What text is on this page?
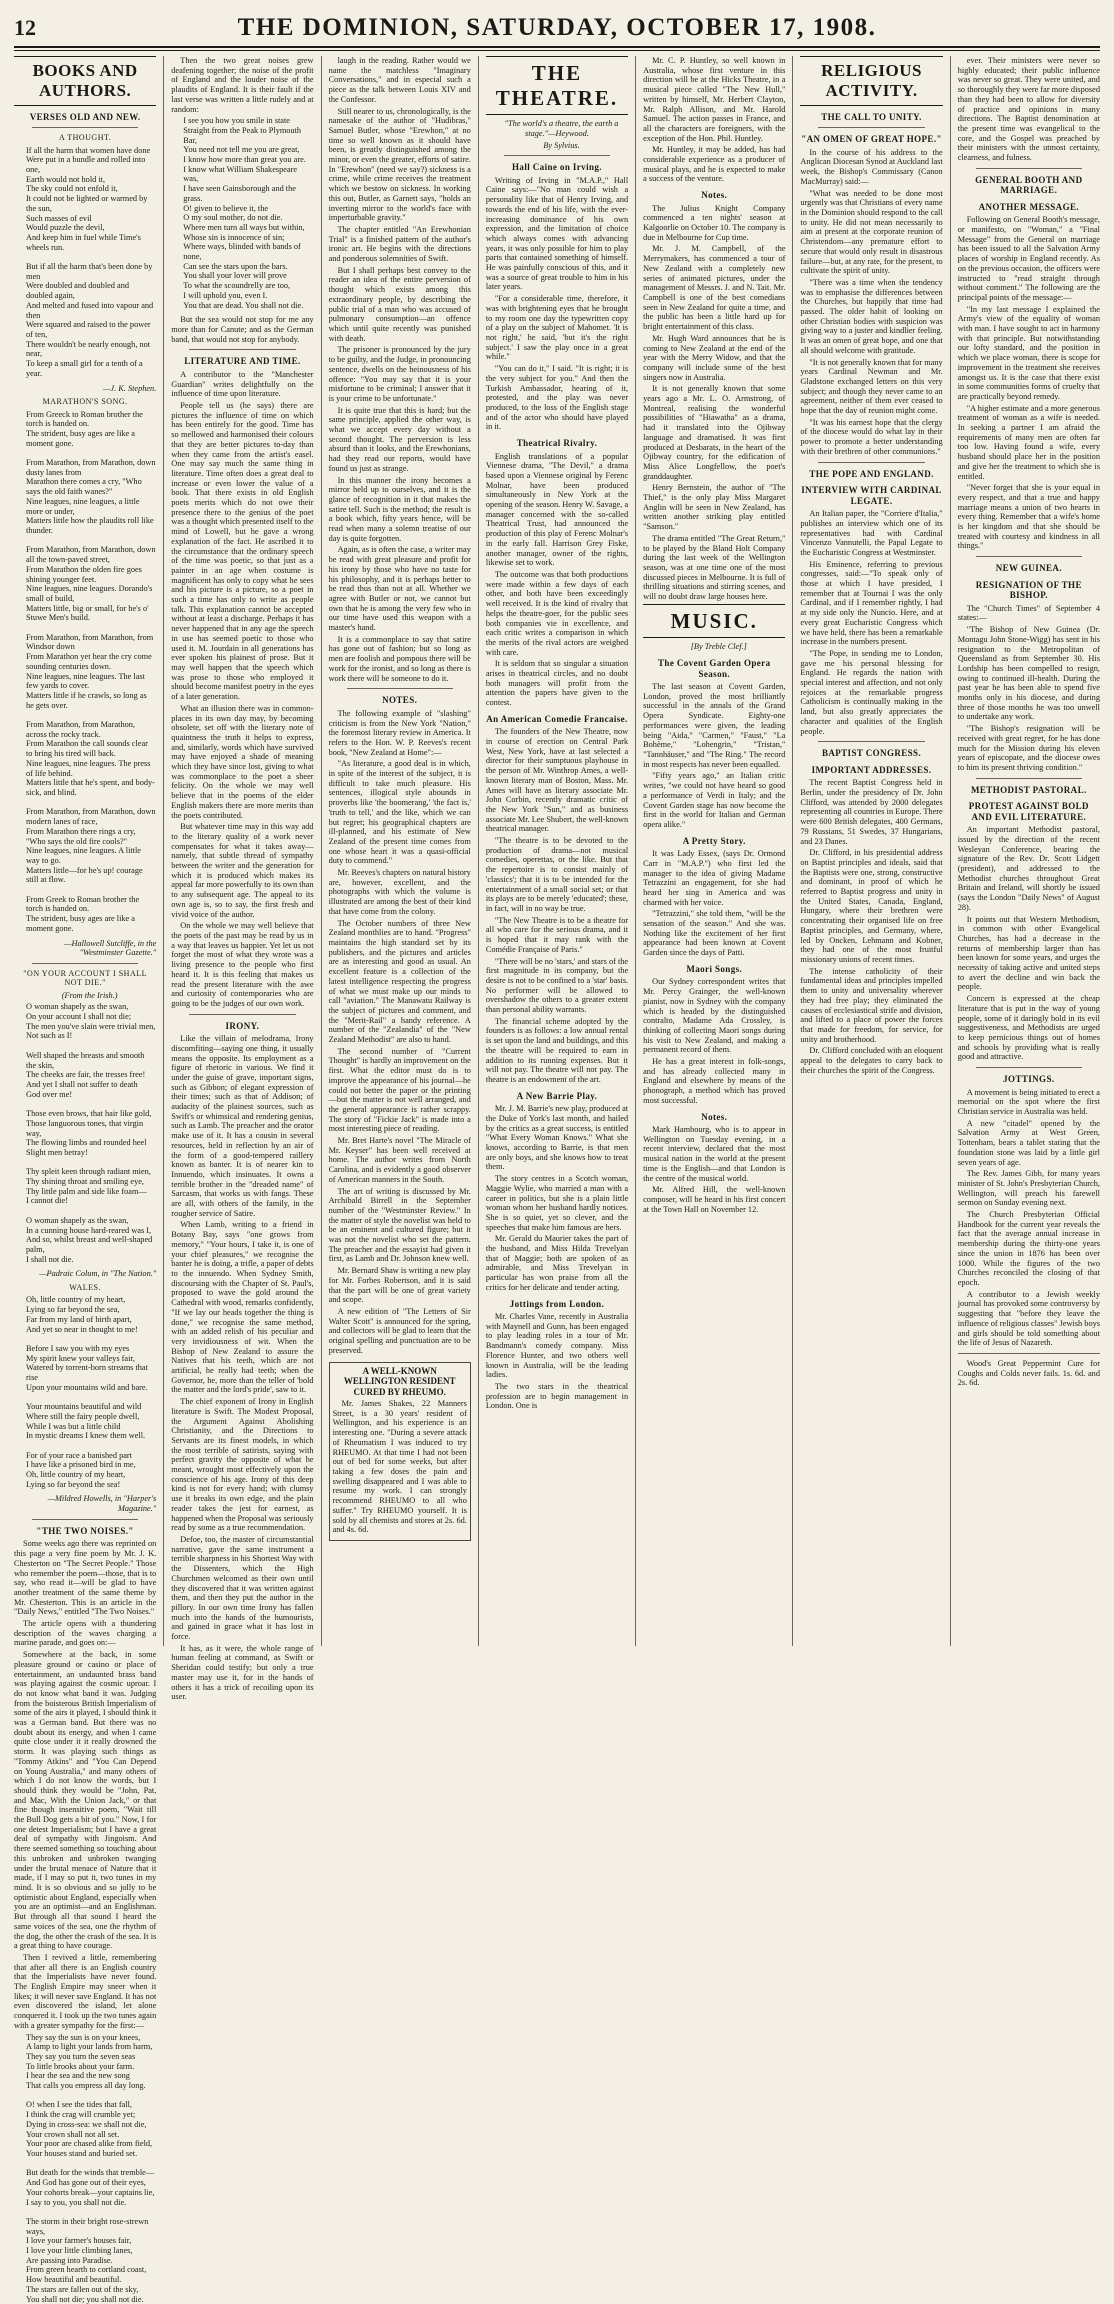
12	THE DOMINION, SATURDAY, OCTOBER 17, 1908.
BOOKS AND AUTHORS.
VERSES OLD AND NEW.
A THOUGHT.

If all the harm that women have done
Were put in a bundle and rolled into one,
Earth would not hold it,
The sky could not enfold it,
It could not be lighted or warmed by the sun,
Such masses of evil
Would puzzle the devil,
And keep him in fuel while Time's wheels run.

But if all the harm that's been done by men
Were doubled and doubled and doubled again,
And melted and fused into vapour and then
Were squared and raised to the power of ten,
There wouldn't be nearly enough, not near,
To keep a small girl for a tenth of a year.

—J. K. Stephen.

MARATHON'S SONG.

From Greeck to Roman brother the torch is handed on.
The strident, busy ages are like a moment gone.

From Marathon, from Marathon, down dusty lanes from
Marathon there comes a cry, "Who says the old faith wanes?"
Nine leagues, nine leagues, a little more or under,
Matters little how the plaudits roll like thunder.

From Marathon, from Marathon, down all the town-paved street,
From Marathon the olden fire goes shining younger feet.
Nine leagues, nine leagues. Dorando's small of build,
Matters little, big or small, for he's o' Stuwe Men's build.

From Marathon, from Marathon, from Windsor down
From Marathon yet hear the cry come sounding centuries down.
Nine leagues, nine leagues. The last few yards to cover.
Matters little if he crawls, so long as he gets over.

From Marathon, from Marathon, across the rocky track.
From Marathon the call sounds clear to bring his tired will back.
Nine leagues, nine leagues. The press of life behind.
Matters little that he's spent, and body-sick, and blind.

From Marathon, from Marathon, down modern lanes of race,
From Marathon there rings a cry, "Who says the old fire cools?"
Nine leagues, nine leagues. A little way to go.
Matters little—for he's up! courage still at flow.

From Greek to Roman brother the torch is handed on.
The strident, busy ages are like a moment gone.

—Hallowell Sutcliffe, in the "Westminster Gazette."

"ON YOUR ACCOUNT I SHALL NOT DIE."

(From the Irish.)

O woman shapely as the swan,
On your account I shall not die;
The men you've slain were trivial men,
Not such as I!

Well shaped the breasts and smooth the skin,
The cheeks are fair, the tresses free!
And yet I shall not suffer to death
God over me!

Those even brows, that hair like gold,
Those languorous tones, that virgin way,
The flowing limbs and rounded heel
Slight men betray!

Thy spleit keen through radiant mien,
Thy shining throat and smiling eye,
Thy little palm and side like foam—
I cannot die!

O woman shapely as the swan,
In a cunning house hard-reared was I,
And so, whilst breast and well-shaped palm,
I shall not die.

—Padraic Colum, in "The Nation."

WALES.

Oh, little country of my heart,
Lying so far beyond the sea,
Far from my land of birth apart,
And yet so near in thought to me!

Before I saw you with my eyes
My spirit knew your valleys fair,
Watered by torrent-born streams that rise
Upon your mountains wild and bare.

Your mountains beautiful and wild
Where still the fairy people dwell,
While I was but a little child
In mystic dreams I knew them well.

For of your race a banished part
I have like a prisoned bird in me,
Oh, little country of my heart,
Lying so far beyond the sea!

—Mildred Howells, in "Harper's Magazine."

"THE TWO NOISES."

Some weeks ago there was reprinted on this page a very fine poem by Mr. J. K. Chesterton on "The Secret People." Those who remember the poem—those, that is to say, who read it—will be glad to have another treatment of the same theme by Mr. Chesterton. This is an article in the "Daily News," entitled "The Two Noises."

The article opens with a thundering description of the waves charging a marine parade, and goes on:—

Somewhere at the back, in some pleasure ground or casino or place of entertainment, an undaunted brass band was playing against the cosmic uproar. I do not know what band it was. Judging from the boisterous British Imperialism of some of the airs it played, I should think it was a German band. But there was no doubt about its energy, and when I came quite close under it it really drowned the storm. It was playing such things as "Tommy Atkins" and "You Can Depend on Young Australia," and many others of which I do not know the words, but I should think they would be "John, Pat, and Mac, With the Union Jack," or that fine though insensitive poem, "Wait till the Bull Dog gets a bit of you." Now, I for one detest Imperialism; but I have a great deal of sympathy with Jingoism. And there seemed something so touching about this unbroken and unbroken twanging under the brutal menace of Nature that it made, if I may so put it, two tunes in my mind. It is so obvious and so jolly to be optimistic about England, especially when you are an optimist—and an Englishman. But through all that sound I heard the same voices of the sea, one the rhythm of the dog, the other the crash of the sea. It is a great thing to have courage.

Then I revived a little, remembering that after all there is an English country that the Imperialists have never found. The English Empire may sneer when it likes; it will never save England. It has not even discovered the island, let alone conquered it. I took up the two tunes again with a greater sympathy for the first:—

They say the sun is on your knees,
A lamp to light your lands from harm,
They say you turn the seven seas
To little brooks about your farm.
I hear the sea and the new song
That calls you empress all day long.

O! when I see the tides that fall,
I think the crag will crumble yet;
Dying in cross-sea: we shall not die,
Your crown shall not all set.
Your poor are chased alike from field,
Your houses stand and buried set.

But death for the winds that tremble—
And God has gone out of their eyes,
Your cohorts break—your captains lie,
I say to you, you shall not die.

The storm in their bright rose-strewn ways,
I love your farmer's houses fair,
I love your little climbing lanes,
Are passing into Paradise.
From green hearth to cortland coast,
How beautiful and beautiful.
The stars are fallen out of the sky,
You shall not die; you shall not die.

Then the two great noises grew deafening together; the noise of the profit of England and the louder noise of the plaudits of England. It is their fault if the last verse was written a little rudely and at random:

I see you how you smile in state
Straight from the Peak to Plymouth Bar,
You need not tell me you are great,
I know how more than great you are.
I know what William Shakespeare was,
I have seen Gainsborough and the grass.
O! given to believe it, the
O my soul mother, do not die.
Where men turn all ways but within,
Whose sin is innocence of sin;
Where ways, blinded with bands of none,
Can see the stars upon the bars.
You shall your lover will prove
To what the scoundrelly are too,
I will uphold you, even I.
You that are dead. You shall not die.

But the sea would not stop for me any more than for Canute; and as the German band, that would not stop for anybody.

LITERATURE AND TIME.

A contributor to the "Manchester Guardian" writes delightfully on the influence of time upon literature.

People tell us (he says) there are pictures the influence of time on which has been entirely for the good. Time has so mellowed and harmonised their colours that they are better pictures to-day than when they came from the artist's easel. One may say much the same thing in literature. Time often does a great deal to increase or even lower the value of a book. That there exists in old English poets merits which do not owe their presence there to the genius of the poet was a thought which presented itself to the mind of Lowell, but he gave a wrong explanation of the fact. He ascribed it to the circumstance that the ordinary speech of the time was poetic, so that just as a painter in an age when costume is magnificent has only to copy what he sees and his picture is a picture, so a poet in such a time has only to write as people talk. This explanation cannot be accepted without at least a discharge. Perhaps it has never happened that in any age the speech in use has seemed poetic to those who used it. M. Jourdain in all generations has ever spoken his plainest of prose. But it may well happen that the speech which was prose to those who employed it should become manifest poetry in the eyes of a later generation.

What an illusion there was in common-places in its own day may, by becoming obsolete, set off with the literary note of quaintness the truth it helps to express, and, similarly, words which have survived may have enjoyed a shade of meaning which they have since lost, giving to what was commonplace to the poet a sheer felicity. On the whole we may well believe that in the poems of the elder English makers there are more merits than the poets contributed.

But whatever time may in this way add to the literary quality of a work never compensates for what it takes away—namely, that subtle thread of sympathy between the writer and the generation for which it is produced which makes its appeal far more powerfully to its own than to any subsequent age. The appeal to its own age is, so to say, the first fresh and vivid voice of the author.

On the whole we may well believe that the poets of the past may be read by us in a way that leaves us happier. Yet let us not forget the most of what they wrote was a living presence to the people who first heard it. It is this feeling that makes us read the present literature with the awe and curiosity of contemporaries who are going to be the judges of our own work.

IRONY.

Like the villain of melodrama, Irony discomfiting—saying one thing, it usually means the opposite. Its employment as a figure of rhetoric in various. We find it under the guise of grave, important signs, such as Gibbon; of elegant expression of their times; such as that of Addison; of audacity of the plainest sources, such as Swift's or whimsical and rendering genius, such as Lamb. The preacher and the orator make use of it. It has a cousin in several resources, held in reflection by an air of the form of a good-tempered raillery known as banter. It is of nearer kin to Innuendo, which insinuates. It owns a terrible brother in the "dreaded name" of Sarcasm, that works us with fangs. These are all, with others of the family, in the rougher service of Satire.

When Lamb, writing to a friend in Botany Bay, says "one grows from memory," "Your hours, I take it, is one of your chief pleasures," we recognise the banter he is doing, a trifle, a paper of debts to the innuendo. When Sydney Smith, discoursing with the Chapter of St. Paul's, proposed to wave the gold around the Cathedral with wood, remarks confidently, "If we lay our heads together the thing is done," we recognise the same method, with an added relish of his peculiar and very invidiousness of wit. When the Bishop of New Zealand to assure the Natives that his teeth, which are not artificial, he really had teeth; when the Governor, he, more than the teller of 'bold the matter and the lord's pride', saw to it.

The chief exponent of Irony in English literature is Swift. The Modest Proposal, the Argument Against Abolishing Christianity, and the Directions to Servants are its finest models, in which the most terrible of satirists, saying with perfect gravity the opposite of what he meant, wrought most effectively upon the conscience of his age. Irony of this deep kind is not for every hand; with clumsy use it breaks its own edge, and the plain reader takes the jest for earnest, as happened when the Proposal was seriously read by some as a true recommendation.

Defoe, too, the master of circumstantial narrative, gave the same instrument a terrible sharpness in his Shortest Way with the Dissenters, which the High Churchmen welcomed as their own until they discovered that it was written against them, and then they put the author in the pillory. In our own time Irony has fallen much into the hands of the humourists, and gained in grace what it has lost in force.

It has, as it were, the whole range of human feeling at command, as Swift or Sheridan could testify; but only a true master may use it, for in the hands of others it has a trick of recoiling upon its user.

laugh in the reading. Rather would we name the matchless "Imaginary Conversations," and in especial such a piece as the talk between Louis XIV and the Confessor.

Still nearer to us, chronologically, is the namesake of the author of "Hudibras," Samuel Butler, whose "Erewhon," at no time so well known as it should have been, is greatly distinguished among the minor, or even the greater, efforts of satire. In "Erewhon" (need we say?) sickness is a crime, while crime receives the treatment which we bestow on sickness. In working this out, Butler, as Garnett says, "holds an inverting mirror to the world's face with imperturbable gravity."

The chapter entitled "An Erewhonian Trial" is a finished pattern of the author's ironic art. He begins with the directions and ponderous solemnities of Swift.

But I shall perhaps best convey to the reader an idea of the entire perversion of thought which exists among this extraordinary people, by describing the public trial of a man who was accused of pulmonary consumption—an offence which until quite recently was punished with death.

The prisoner is pronounced by the jury to be guilty, and the Judge, in pronouncing sentence, dwells on the heinousness of his offence: "You may say that it is your misfortune to be criminal; I answer that it is your crime to be unfortunate."

It is quite true that this is hard; but the same principle, applied the other way, is what we accept every day without a second thought. The perversion is less absurd than it looks, and the Erewhonians, had they read our reports, would have found us just as strange.

In this manner the irony becomes a mirror held up to ourselves, and it is the glance of recognition in it that makes the satire tell. Such is the method; the result is a book which, fifty years hence, will be read when many a solemn treatise of our day is quite forgotten.

Again, as is often the case, a writer may be read with great pleasure and profit for his irony by those who have no taste for his philosophy, and it is perhaps better to be read thus than not at all. Whether we agree with Butler or not, we cannot but own that he is among the very few who in our time have used this weapon with a master's hand.

It is a commonplace to say that satire has gone out of fashion; but so long as men are foolish and pompous there will be work for the ironist, and so long as there is work there will be someone to do it.

NOTES.

The following example of "slashing" criticism is from the New York "Nation," the foremost literary review in America. It refers to the Hon. W. P. Reeves's recent book, "New Zealand at Home":—

"As literature, a good deal is in which, in spite of the interest of the subject, it is difficult to take much pleasure. His sentences, illogical style abounds in proverbs like 'the boomerang,' 'the fact is,' 'truth to tell,' and the like, which we can but regret; his geographical chapters are ill-planned, and his estimate of New Zealand of the present time comes from one whose heart it was a quasi-official duty to commend."

Mr. Reeves's chapters on natural history are, however, excellent, and the photographs with which the volume is illustrated are among the best of their kind that have come from the colony.

The October numbers of three New Zealand monthlies are to hand. "Progress" maintains the high standard set by its publishers, and the pictures and articles are as interesting and good as usual. An excellent feature is a collection of the latest intelligence respecting the progress of what we must make up our minds to call "aviation." The Manawatu Railway is the subject of pictures and comment, and the "Merit-Rail" a handy reference. A number of the "Zealandia" of the "New Zealand Methodist" are also to hand.

The second number of "Current Thought" is hardly an improvement on the first. What the editor must do is to improve the appearance of his journal—he could not better the paper or the printing—but the matter is not well arranged, and the general appearance is rather scrappy. The story of "Fickie Jack" is made into a most interesting piece of reading.

Mr. Bret Harte's novel "The Miracle of Mr. Keyser" has been well received at home. The author writes from North Carolina, and is evidently a good observer of American manners in the South.

The art of writing is discussed by Mr. Archibald Birrell in the September number of the "Westminster Review." In the matter of style the novelist was held to be an eminent and cultured figure; but it was not the novelist who set the pattern. The preacher and the essayist had given it first, as Lamb and Dr. Johnson knew well.

Mr. Bernard Shaw is writing a new play for Mr. Forbes Robertson, and it is said that the part will be one of great variety and scope.

A new edition of "The Letters of Sir Walter Scott" is announced for the spring, and collectors will be glad to learn that the original spelling and punctuation are to be preserved.

A WELL-KNOWN WELLINGTON RESIDENT CURED BY RHEUMO.

Mr. James Shakes, 22 Manners Street, is a 30 years' resident of Wellington, and his experience is an interesting one. "During a severe attack of Rheumatism I was induced to try RHEUMO. At that time I had not been out of bed for some weeks, but after taking a few doses the pain and swelling disappeared and I was able to resume my work. I can strongly recommend RHEUMO to all who suffer." Try RHEUMO yourself. It is sold by all chemists and stores at 2s. 6d. and 4s. 6d.

THE THEATRE.

"The world's a theatre, the earth a stage."—Heywood.

By Sylvius.

Hall Caine on Irving.

Writing of Irving in "M.A.P.," Hall Caine says:—"No man could wish a personality like that of Henry Irving, and towards the end of his life, with the ever-increasing dominance of his own expression, and the limitation of choice which always comes with advancing years, it was only possible for him to play parts that contained something of himself. He was painfully conscious of this, and it was a source of great trouble to him in his later years.

"For a considerable time, therefore, it was with brightening eyes that he brought to my room one day the typewritten copy of a play on the subject of Mahomet. 'It is not right,' he said, 'but it's the right subject.' I saw the play once in a great while."

"You can do it," I said. "It is right; it is the very subject for you." And then the Turkish Ambassador, hearing of it, protested, and the play was never produced, to the loss of the English stage and of the actor who should have played in it.

Theatrical Rivalry.

English translations of a popular Viennese drama, "The Devil," a drama based upon a Viennese original by Ferenc Molnar, have been produced simultaneously in New York at the opening of the season. Henry W. Savage, a manager concerned with the so-called Theatrical Trust, had announced the production of this play of Ferenc Molnar's in the early fall. Harrison Grey Fiske, another manager, owner of the rights, likewise set to work.

The outcome was that both productions were made within a few days of each other, and both have been exceedingly well received. It is the kind of rivalry that helps the theatre-goer, for the public sees both companies vie in excellence, and each critic writes a comparison in which the merits of the rival actors are weighed with care.

It is seldom that so singular a situation arises in theatrical circles, and no doubt both managers will profit from the attention the papers have given to the contest.

An American Comedie Francaise.

The founders of the New Theatre, now in course of erection on Central Park West, New York, have at last selected a director for their sumptuous playhouse in the person of Mr. Winthrop Ames, a well-known literary man of Boston, Mass. Mr. Ames will have as literary associate Mr. John Corbin, recently dramatic critic of the New York "Sun," and as business associate Mr. Lee Shubert, the well-known theatrical manager.

"The theatre is to be devoted to the production of drama—not musical comedies, operettas, or the like. But that the repertoire is to consist mainly of 'classics'; that it is to be intended for the entertainment of a small social set; or that its plays are to be merely 'educated'; these, in fact, will in no way be true.

"The New Theatre is to be a theatre for all who care for the serious drama, and it is hoped that it may rank with the Comédie Française of Paris."

"There will be no 'stars,' and stars of the first magnitude in its company, but the desire is not to be confined to a 'star' basis. No performer will be allowed to overshadow the others to a greater extent than personal ability warrants.

The financial scheme adopted by the founders is as follows: a low annual rental is set upon the land and buildings, and this the theatre will be required to earn in addition to its running expenses. But it will not pay. The theatre will not pay. The theatre is an endowment of the art.

A New Barrie Play.

Mr. J. M. Barrie's new play, produced at the Duke of York's last month, and hailed by the critics as a great success, is entitled "What Every Woman Knows." What she knows, according to Barrie, is that men are only boys, and she knows how to treat them.

The story centres in a Scotch woman, Maggie Wylie, who married a man with a career in politics, but she is a plain little woman whom her husband hardly notices. She is so quiet, yet so clever, and the speeches that make him famous are hers.

Mr. Gerald du Maurier takes the part of the husband, and Miss Hilda Trevelyan that of Maggie; both are spoken of as admirable, and Miss Trevelyan in particular has won praise from all the critics for her delicate and tender acting.

Jottings from London.

Mr. Charles Vane, recently in Australia with Maynell and Gunn, has been engaged to play leading roles in a tour of Mr. Bandmann's comedy company. Miss Florence Hunter, and two others well known in Australia, will be the leading ladies.

The two stars in the theatrical profession are to begin management in London. One is

Mr. C. P. Huntley, so well known in Australia, whose first venture in this direction will be at the Hicks Theatre, in a musical piece called "The New Hull," written by himself, Mr. Herbert Clayton, Mr. Ralph Allison, and Mr. Harold Samuel. The action passes in France, and all the characters are foreigners, with the exception of the Hon. Phil. Huntley.

Mr. Huntley, it may be added, has had considerable experience as a producer of musical plays, and he is expected to make a success of the venture.

Notes.

The Julius Knight Company commenced a ten nights' season at Kalgoorlie on October 10. The company is due in Melbourne for Cup time.

Mr. J. M. Campbell, of the Merrymakers, has commenced a tour of New Zealand with a completely new series of animated pictures, under the management of Messrs. J. and N. Tait. Mr. Campbell is one of the best comedians seen in New Zealand for quite a time, and the public has been a little hard up for bright entertainment of this class.

Mr. Hugh Ward announces that he is coming to New Zealand at the end of the year with the Merry Widow, and that the company will include some of the best singers now in Australia.

It is not generally known that some years ago a Mr. L. O. Armstrong, of Montreal, realising the wonderful possibilities of "Hiawatha" as a drama, had it translated into the Ojibway language and dramatised. It was first produced at Desbarats, in the heart of the Ojibway country, for the edification of Miss Alice Longfellow, the poet's granddaughter.

Henry Bernstein, the author of "The Thief," is the only play Miss Margaret Anglin will be seen in New Zealand, has written another striking play entitled "Samson."

The drama entitled "The Great Return," to be played by the Bland Holt Company during the last week of the Wellington season, was at one time one of the most discussed pieces in Melbourne. It is full of thrilling situations and stirring scenes, and will no doubt draw large houses here.

MUSIC.

[By Treble Clef.]

The Covent Garden Opera Season.

The last season at Covent Garden, London, proved the most brilliantly successful in the annals of the Grand Opera Syndicate. Eighty-one performances were given, the leading being "Aida," "Carmen," "Faust," "La Bohème," "Lohengrin," "Tristan," "Tannhäuser," and "The Ring." The record in most respects has never been equalled.

"Fifty years ago," an Italian critic writes, "we could not have heard so good a performance of Verdi in Italy; and the Covent Garden stage has now become the first in the world for Italian and German opera alike."

A Pretty Story.

It was Lady Essex, (says Dr. Ormond Carr in "M.A.P.") who first led the manager to the idea of giving Madame Tetrazzini an engagement, for she had heard her sing in America and was charmed with her voice.

"Tetrazzini," she told them, "will be the sensation of the season." And she was. Nothing like the excitement of her first appearance had been known at Covent Garden since the days of Patti.

Maori Songs.

Our Sydney correspondent writes that Mr. Percy Grainger, the well-known pianist, now in Sydney with the company which is headed by the distinguished contralto, Madame Ada Crossley, is thinking of collecting Maori songs during his visit to New Zealand, and making a permanent record of them.

He has a great interest in folk-songs, and has already collected many in England and elsewhere by means of the phonograph, a method which has proved most successful.

Notes.

Mark Hambourg, who is to appear in Wellington on Tuesday evening, in a recent interview, declared that the most musical nation in the world at the present time is the English—and that London is the centre of the musical world.

Mr. Alfred Hill, the well-known composer, will be heard in his first concert at the Town Hall on November 12.

RELIGIOUS ACTIVITY.
THE CALL TO UNITY.
"AN OMEN OF GREAT HOPE."

In the course of his address to the Anglican Diocesan Synod at Auckland last week, the Bishop's Commissary (Canon MacMurray) said:—

"What was needed to be done most urgently was that Christians of every name in the Dominion should respond to the call to unity. He did not mean necessarily to aim at present at the corporate reunion of Christendom—any premature effort to secure that would only result in disastrous failure—but, at any rate, for the present, to cultivate the spirit of unity.

"There was a time when the tendency was to emphasise the differences between the Churches, but happily that time had passed. The older habit of looking on other Christian bodies with suspicion was giving way to a juster and kindlier feeling. It was an omen of great hope, and one that all should welcome with gratitude.

"It is not generally known that for many years Cardinal Newman and Mr. Gladstone exchanged letters on this very subject; and though they never came to an agreement, neither of them ever ceased to hope that the day of reunion might come.

"It was his earnest hope that the clergy of the diocese would do what lay in their power to promote a better understanding with their brethren of other communions."

THE POPE AND ENGLAND.
INTERVIEW WITH CARDINAL LEGATE.

An Italian paper, the "Corriere d'Italia," publishes an interview which one of its representatives had with Cardinal Vincenzo Vannutelli, the Papal Legate to the Eucharistic Congress at Westminster.

His Eminence, referring to previous congresses, said:—"To speak only of those at which I have presided, I remember that at Tournai I was the only Cardinal, and if I remember rightly, I had at my side only the Nuncio. Here, and at every great Eucharistic Congress which we have held, there has been a remarkable increase in the numbers present.

"The Pope, in sending me to London, gave me his personal blessing for England. He regards the nation with special interest and affection, and not only rejoices at the remarkable progress Catholicism is continually making in the land, but also greatly appreciates the character and qualities of the English people.

BAPTIST CONGRESS.
IMPORTANT ADDRESSES.

The recent Baptist Congress held in Berlin, under the presidency of Dr. John Clifford, was attended by 2000 delegates representing all countries in Europe. There were 600 British delegates, 400 Germans, 79 Russians, 51 Swedes, 37 Hungarians, and 23 Danes.

Dr. Clifford, in his presidential address on Baptist principles and ideals, said that the Baptists were one, strong, constructive and dominant, in proof of which he referred to Baptist progress and unity in the United States, Canada, England, Hungary, where their brethren were concentrating their organised life on free Baptist principles, and Germany, where, led by Oncken, Lehmann and Kobner, they had one of the most fruitful missionary unions of recent times.

The intense catholicity of their fundamental ideas and principles impelled them to unity and universality wherever they had free play; they eliminated the causes of ecclesiastical strife and division, and lifted to a place of power the forces that made for freedom, for service, for unity and brotherhood.

Dr. Clifford concluded with an eloquent appeal to the delegates to carry back to their churches the spirit of the Congress.

ever. Their ministers were never so highly educated; their public influence was never so great. They were united, and so thoroughly they were far more disposed than they had been to allow for diversity of practice and opinions in many directions. The Baptist denomination at the present time was evangelical to the core, and the Gospel was preached by their ministers with the utmost certainty, clearness, and fulness.

GENERAL BOOTH AND MARRIAGE.
ANOTHER MESSAGE.

Following on General Booth's message, or manifesto, on "Woman," a "Final Message" from the General on marriage has been issued to all the Salvation Army places of worship in England recently. As on the previous occasion, the officers were instructed to "read straight through without comment." The following are the principal points of the message:—

"In my last message I explained the Army's view of the equality of woman with man. I have sought to act in harmony with that principle. But notwithstanding our lofty standard, and the position in which we place woman, there is scope for improvement in the treatment she receives amongst us. It is the case that there exist in some communities forms of cruelty that are practically beyond remedy.

"A higher estimate and a more generous treatment of woman as a wife is needed. In seeking a partner I am afraid the requirements of many men are often far too low. Having found a wife, every husband should place her in the position and give her the treatment to which she is entitled.

"Never forget that she is your equal in every respect, and that a true and happy marriage means a union of two hearts in every thing. Remember that a wife's home is her kingdom and that she should be treated with courtesy and kindness in all things."

NEW GUINEA.
RESIGNATION OF THE BISHOP.

The "Church Times" of September 4 states:—

"The Bishop of New Guinea (Dr. Montagu John Stone-Wigg) has sent in his resignation to the Metropolitan of Queensland as from September 30. His Lordship has been compelled to resign, owing to continued ill-health. During the past year he has been able to spend five months only in his diocese, and during three of those months he was too unwell to undertake any work.

"The Bishop's resignation will be received with great regret, for he has done much for the Mission during his eleven years of episcopate, and the diocese owes to him its present thriving condition."

METHODIST PASTORAL.
PROTEST AGAINST BOLD AND EVIL LITERATURE.

An important Methodist pastoral, issued by the direction of the recent Wesleyan Conference, bearing the signature of the Rev. Dr. Scott Lidgett (president), and addressed to the Methodist churches throughout Great Britain and Ireland, will shortly be issued (says the London "Daily News" of August 28).

It points out that Western Methodism, in common with other Evangelical Churches, has had a decrease in the returns of membership larger than has been known for some years, and urges the necessity of taking active and united steps to avert the decline and win back the people.

Concern is expressed at the cheap literature that is put in the way of young people, some of it daringly bold in its evil suggestiveness, and Methodists are urged to keep pernicious things out of homes and schools by providing what is really good and attractive.

JOTTINGS.

A movement is being initiated to erect a memorial on the spot where the first Christian service in Australia was held.

A new "citadel" opened by the Salvation Army at West Green, Tottenham, bears a tablet stating that the foundation stone was laid by a little girl seven years of age.

The Rev. James Gibb, for many years minister of St. John's Presbyterian Church, Wellington, will preach his farewell sermon on Sunday evening next.

The Church Presbyterian Official Handbook for the current year reveals the fact that the average annual increase in membership during the thirty-one years since the union in 1876 has been over 1000. While the figures of the two Churches reconciled the closing of that epoch.

A contributor to a Jewish weekly journal has provoked some controversy by suggesting that "before they leave the influence of religious classes" Jewish boys and girls should be told something about the life of Jesus of Nazareth.

Wood's Great Peppermint Cure for Coughs and Colds never fails. 1s. 6d. and 2s. 6d.
